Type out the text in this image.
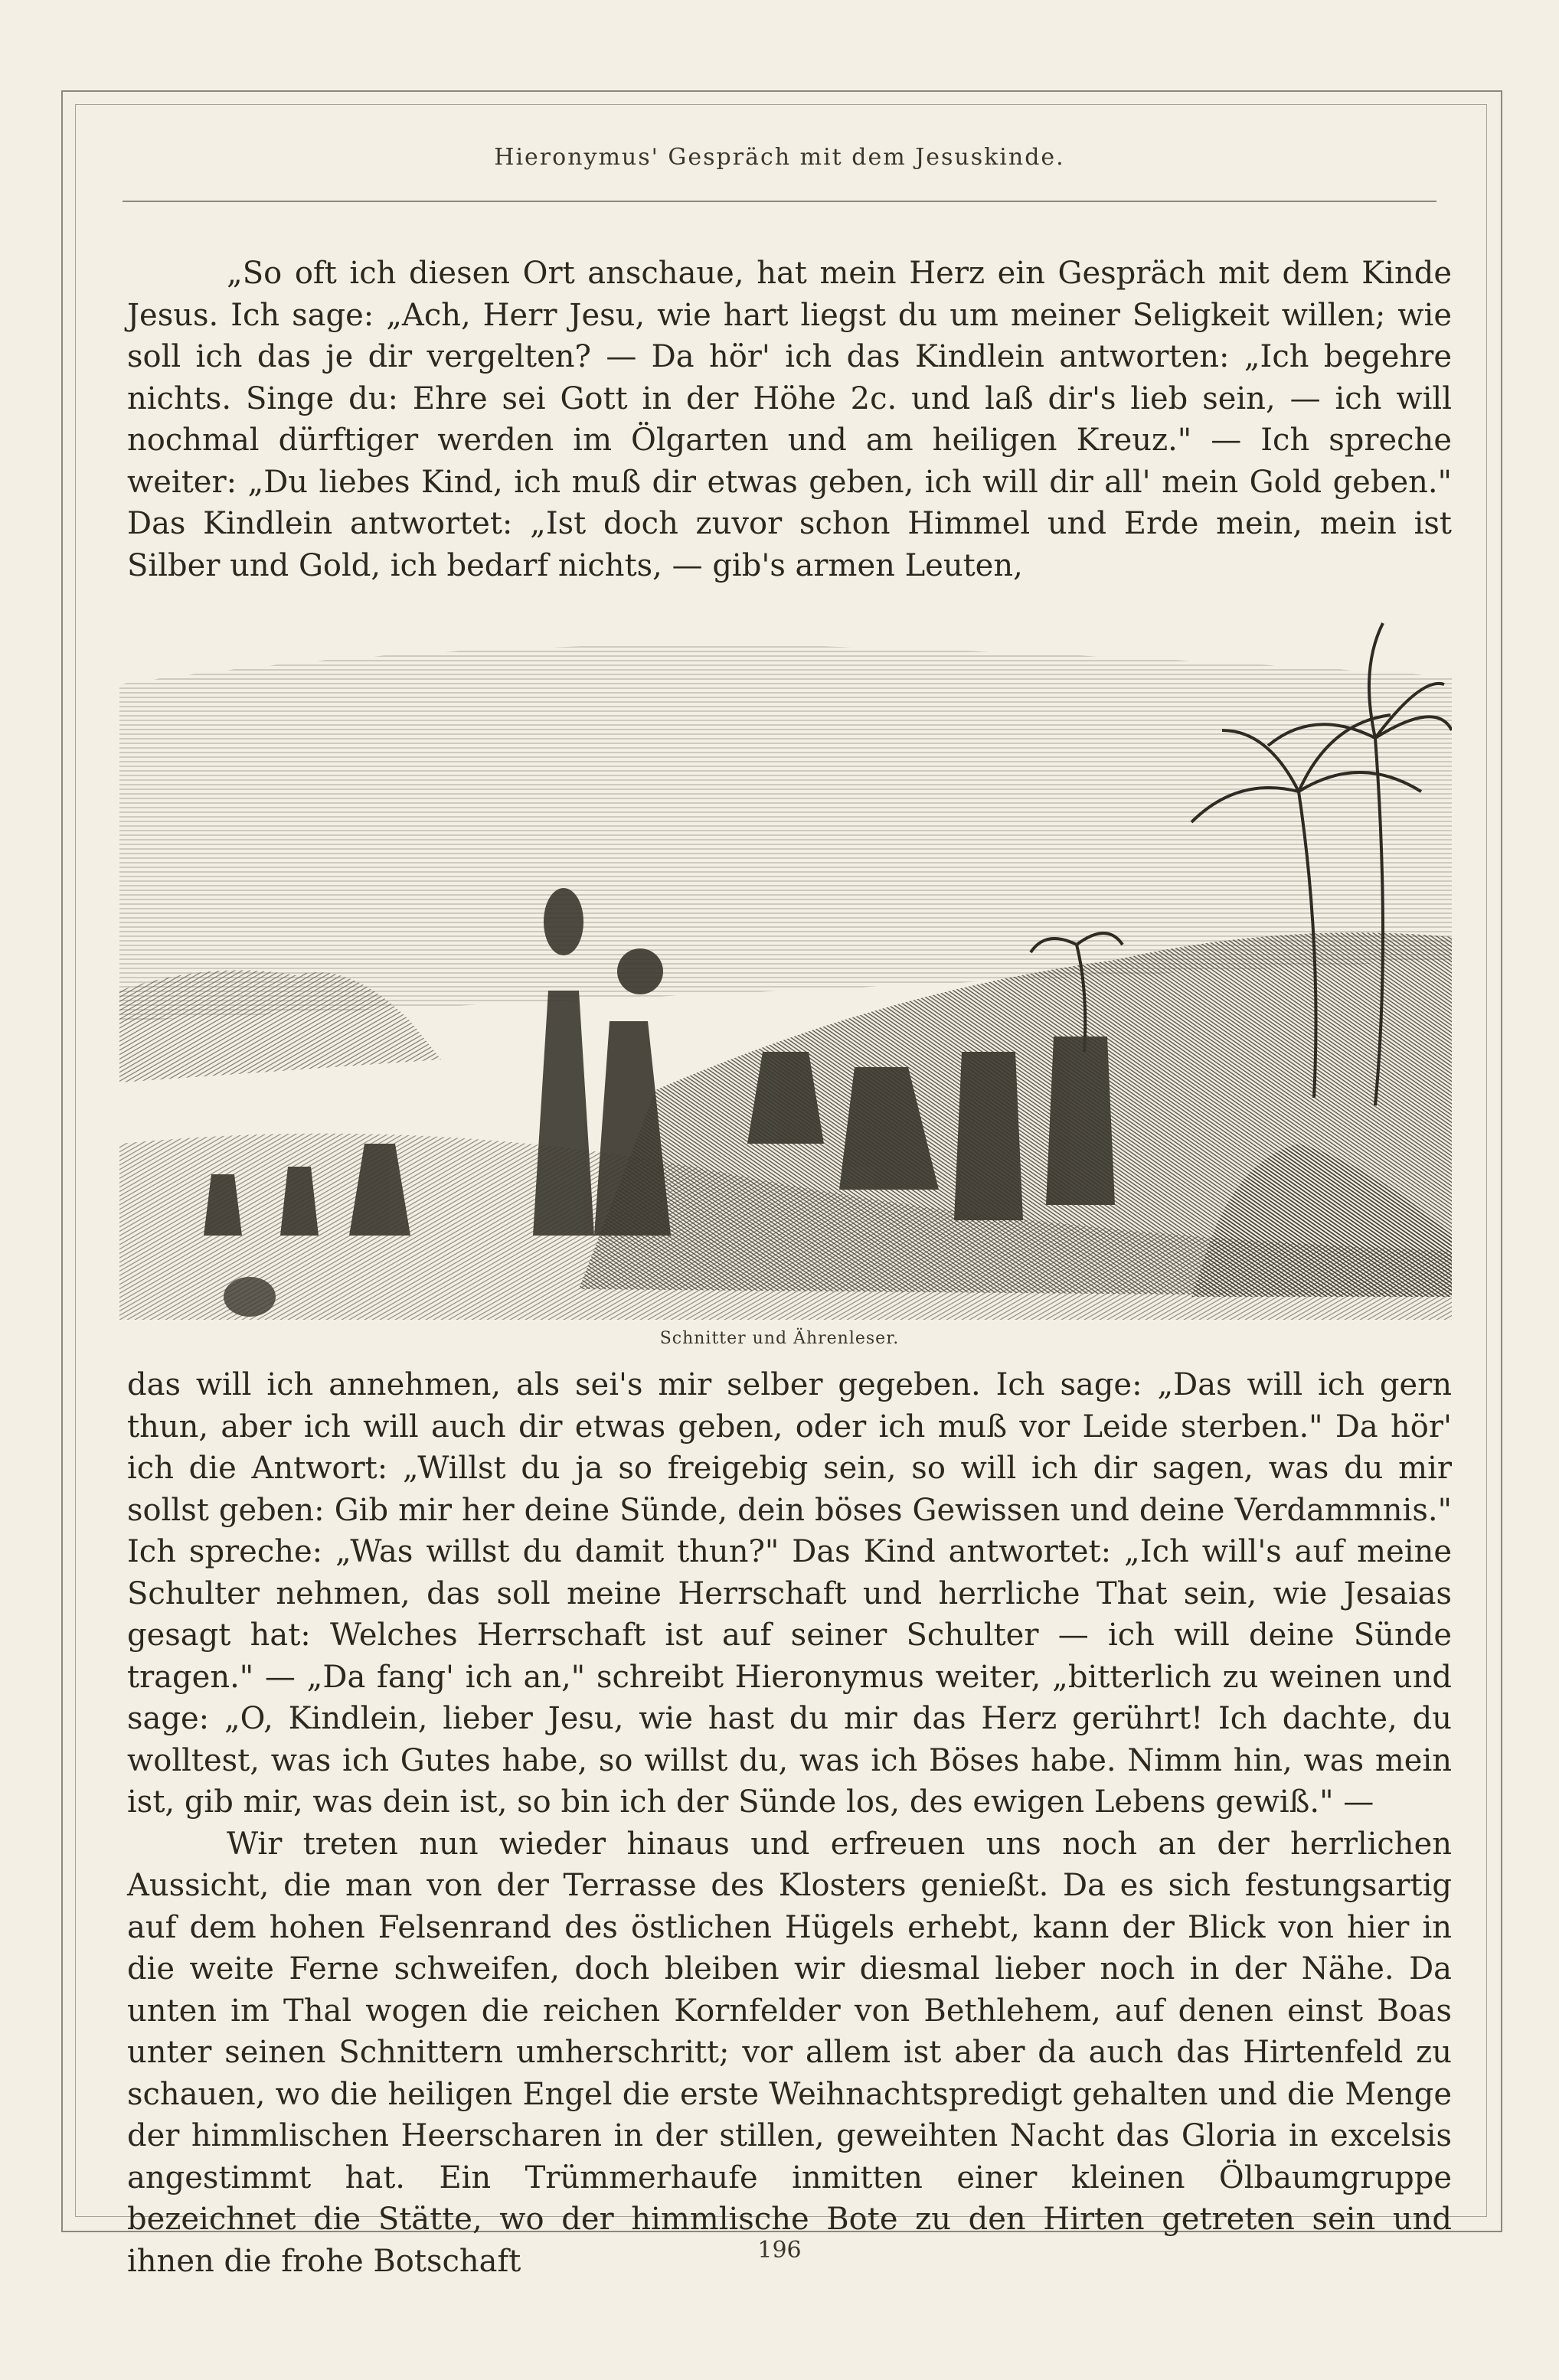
Hieronymus' Gespräch mit dem Jesuskinde.

„So oft ich diesen Ort anschaue, hat mein Herz ein Gespräch mit dem Kinde Jesus. Ich sage: „Ach, Herr Jesu, wie hart liegst du um meiner Seligkeit willen; wie soll ich das je dir vergelten? — Da hör' ich das Kindlein antworten: „Ich begehre nichts. Singe du: Ehre sei Gott in der Höhe 2c. und laß dir's lieb sein, — ich will nochmal dürftiger werden im Ölgarten und am heiligen Kreuz." — Ich spreche weiter: „Du liebes Kind, ich muß dir etwas geben, ich will dir all' mein Gold geben." Das Kindlein antwortet: „Ist doch zuvor schon Himmel und Erde mein, mein ist Silber und Gold, ich bedarf nichts, — gib's armen Leuten,

Schnitter und Ährenleser.

das will ich annehmen, als sei's mir selber gegeben. Ich sage: „Das will ich gern thun, aber ich will auch dir etwas geben, oder ich muß vor Leide sterben." Da hör' ich die Antwort: „Willst du ja so freigebig sein, so will ich dir sagen, was du mir sollst geben: Gib mir her deine Sünde, dein böses Gewissen und deine Verdammnis." Ich spreche: „Was willst du damit thun?" Das Kind antwortet: „Ich will's auf meine Schulter nehmen, das soll meine Herrschaft und herrliche That sein, wie Jesaias gesagt hat: Welches Herrschaft ist auf seiner Schulter — ich will deine Sünde tragen." — „Da fang' ich an," schreibt Hieronymus weiter, „bitterlich zu weinen und sage: „O, Kindlein, lieber Jesu, wie hast du mir das Herz gerührt! Ich dachte, du wolltest, was ich Gutes habe, so willst du, was ich Böses habe. Nimm hin, was mein ist, gib mir, was dein ist, so bin ich der Sünde los, des ewigen Lebens gewiß." —

Wir treten nun wieder hinaus und erfreuen uns noch an der herrlichen Aussicht, die man von der Terrasse des Klosters genießt. Da es sich festungsartig auf dem hohen Felsenrand des östlichen Hügels erhebt, kann der Blick von hier in die weite Ferne schweifen, doch bleiben wir diesmal lieber noch in der Nähe. Da unten im Thal wogen die reichen Kornfelder von Bethlehem, auf denen einst Boas unter seinen Schnittern umherschritt; vor allem ist aber da auch das Hirtenfeld zu schauen, wo die heiligen Engel die erste Weihnachtspredigt gehalten und die Menge der himmlischen Heerscharen in der stillen, geweihten Nacht das Gloria in excelsis angestimmt hat. Ein Trümmerhaufe inmitten einer kleinen Ölbaumgruppe bezeichnet die Stätte, wo der himmlische Bote zu den Hirten getreten sein und ihnen die frohe Botschaft	196
